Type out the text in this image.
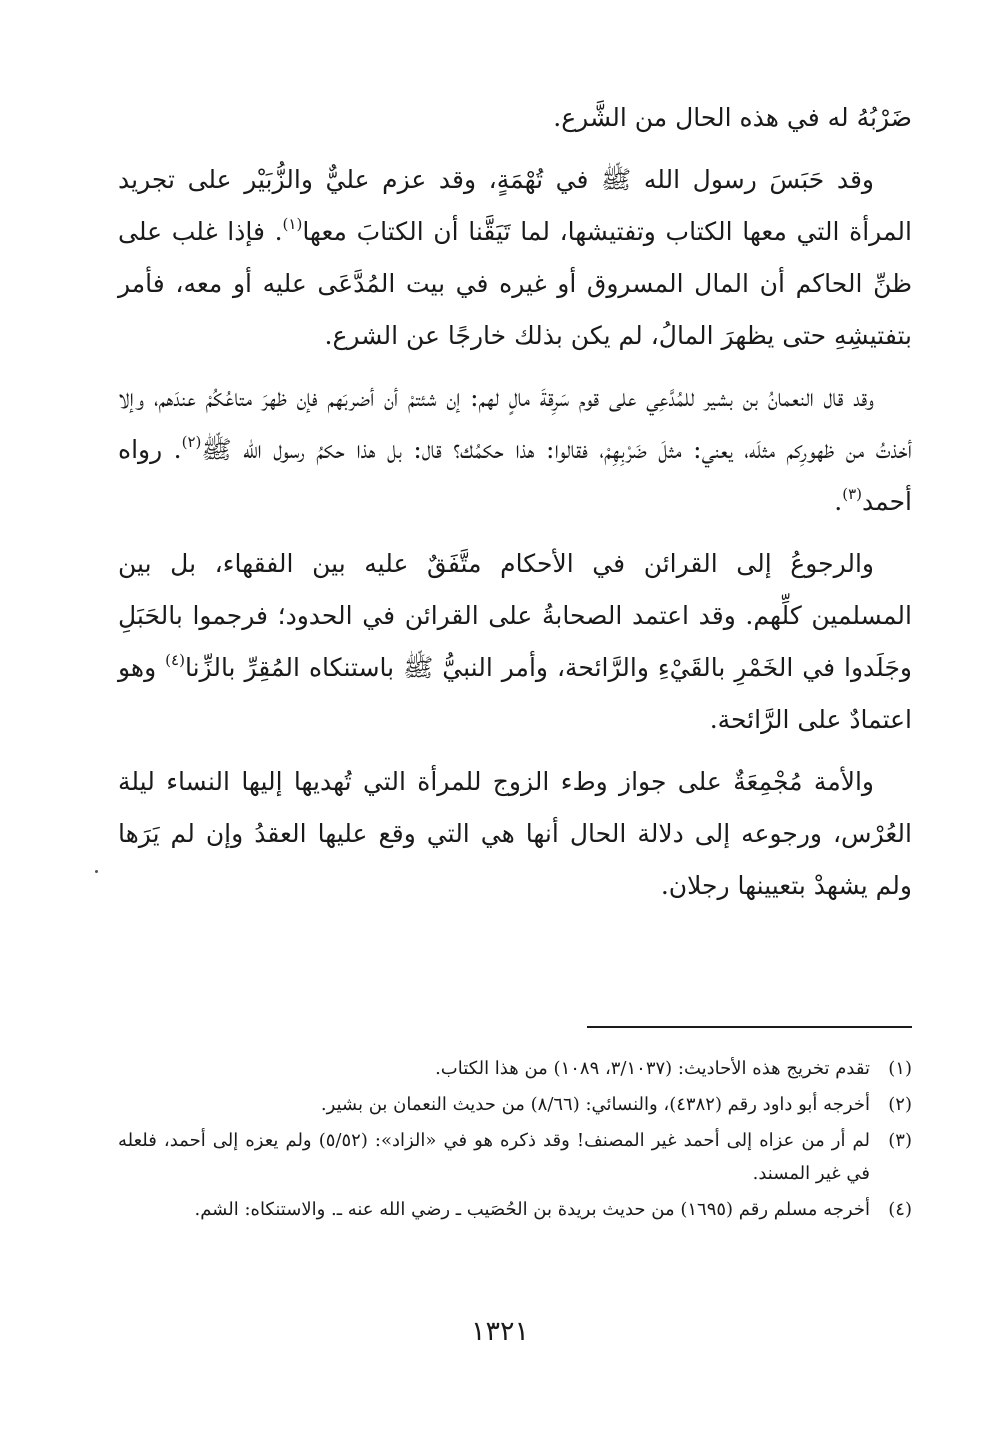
ضَرْبُهُ له في هذه الحال من الشَّرع.
وقد حَبَسَ رسول الله ﷺ في تُهْمَةٍ، وقد عزم عليٌّ والزُّبَيْر على تجريد المرأة التي معها الكتاب وتفتيشها، لما تَيَقَّنا أن الكتابَ معها$^{(١)}$. فإذا غلب على ظنِّ الحاكم أن المال المسروق أو غيره في بيت المُدَّعَى عليه أو معه، فأمر بتفتيشِهِ حتى يظهرَ المالُ، لم يكن بذلك خارجًا عن الشرع.
وقد قال النعمانُ بن بشير للمُدَّعِي على قوم سَرِقةَ مالٍ لهم: إن شئتمْ أن أضربَهم فإن ظهرَ متاعُكُمْ عندَهم، وإلا أخذتُ من ظهورِكم مثلَه، يعني: مثلَ ضَرْبِهِمْ، فقالوا: هذا حكمُك؟ قال: بل هذا حكمُ رسول الله ﷺ$^{(٢)}$. رواه أحمد$^{(٣)}$.
والرجوعُ إلى القرائن في الأحكام متَّفَقٌ عليه بين الفقهاء، بل بين المسلمين كلِّهم. وقد اعتمد الصحابةُ على القرائن في الحدود؛ فرجموا بالحَبَلِ وجَلَدوا في الخَمْرِ بالقَيْءِ والرَّائحة، وأمر النبيُّ ﷺ باستنكاه المُقِرِّ بالزِّنا$^{(٤)}$ وهو اعتمادٌ على الرَّائحة.
والأمة مُجْمِعَةٌ على جواز وطء الزوج للمرأة التي تُهديها إليها النساء ليلة العُرْس، ورجوعه إلى دلالة الحال أنها هي التي وقع عليها العقدُ وإن لم يَرَها ولم يشهدْ بتعيينها رجلان.
(١)
تقدم تخريج هذه الأحاديث: (٣/١٠٣٧، ١٠٨٩) من هذا الكتاب.
(٢)
أخرجه أبو داود رقم (٤٣٨٢)، والنسائي: (٨/٦٦) من حديث النعمان بن بشير.
(٣)
لم أر من عزاه إلى أحمد غير المصنف! وقد ذكره هو في «الزاد»: (٥/٥٢) ولم يعزه إلى أحمد، فلعله في غير المسند.
(٤)
أخرجه مسلم رقم (١٦٩٥) من حديث بريدة بن الحُصَيب ـ رضي الله عنه ـ. والاستنكاه: الشم.
١٣٢١
